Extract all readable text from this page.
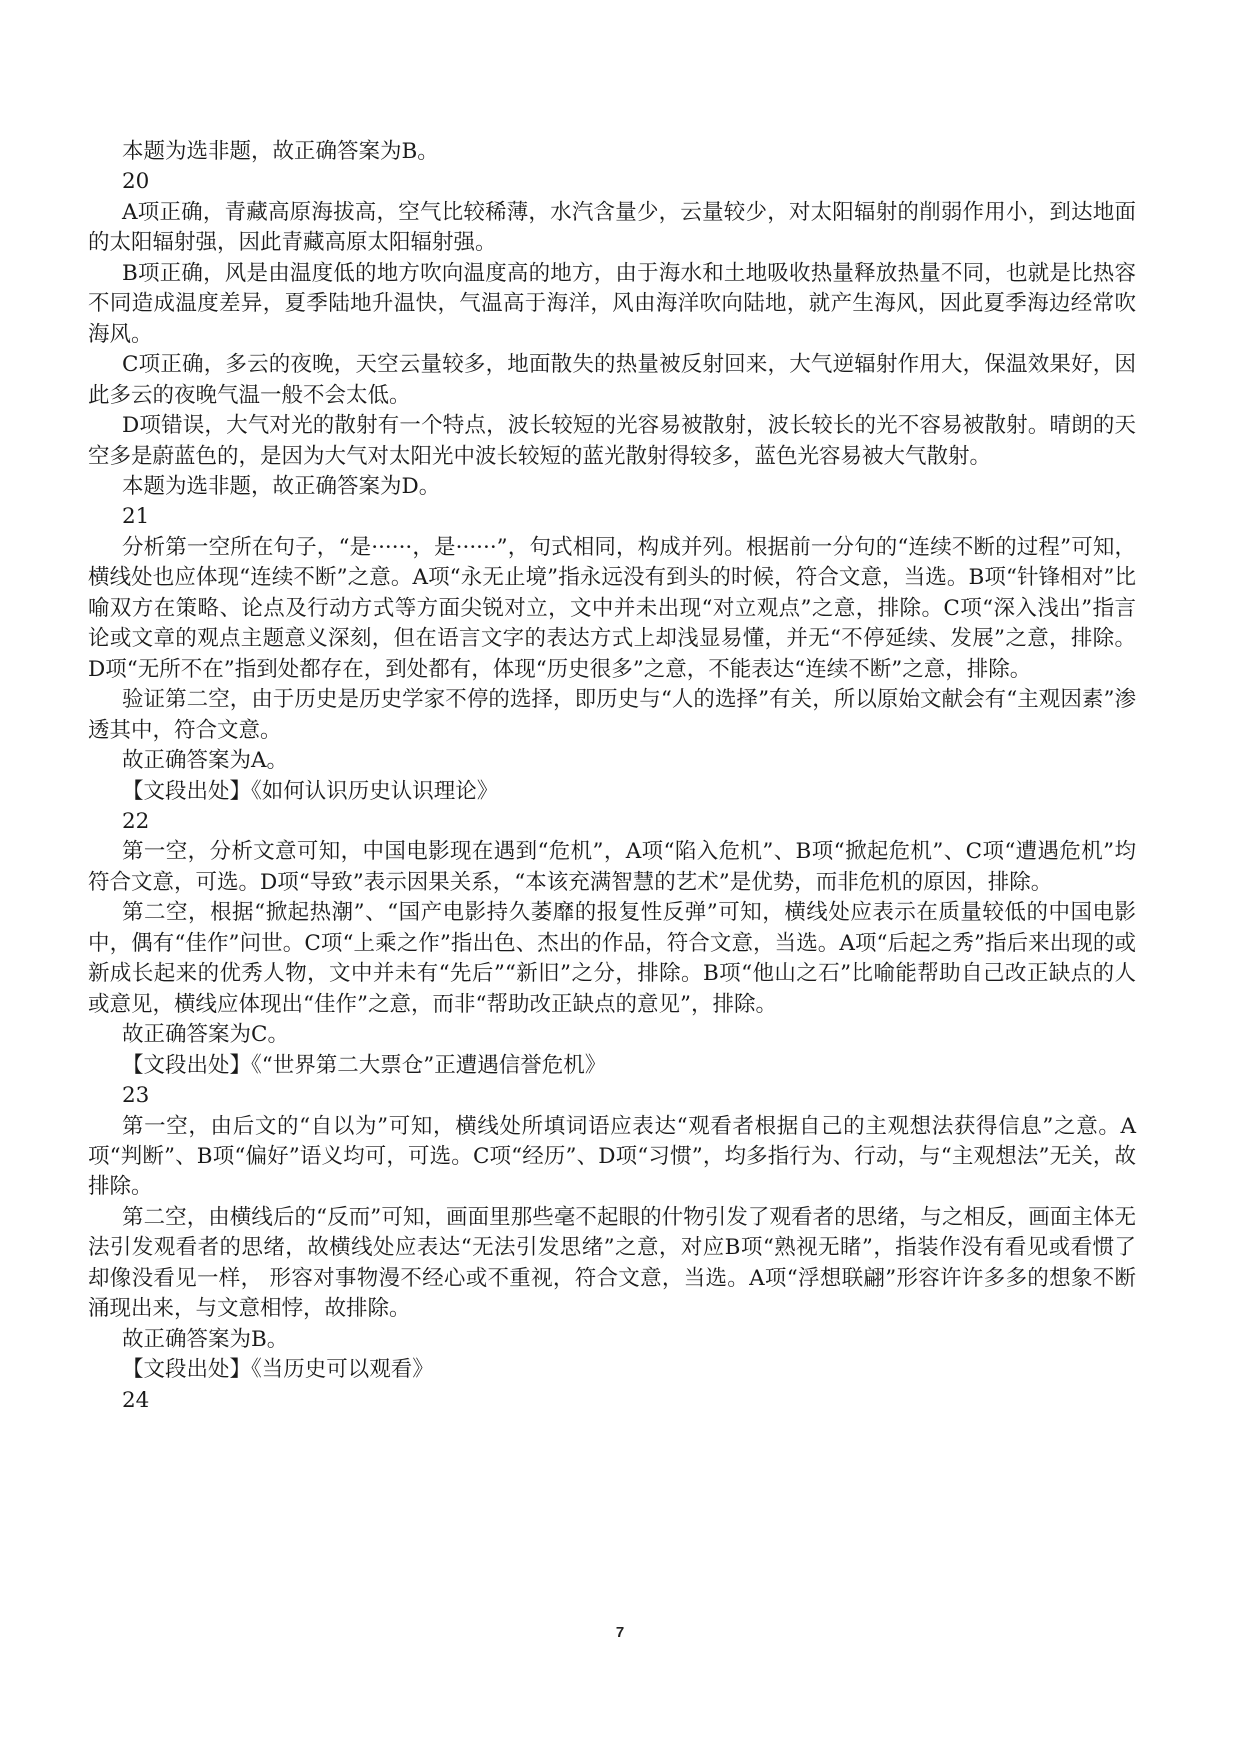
本题为选非题，故正确答案为B。

20

A项正确，青藏高原海拔高，空气比较稀薄，水汽含量少，云量较少，对太阳辐射的削弱作用小，到达地面的太阳辐射强，因此青藏高原太阳辐射强。

B项正确，风是由温度低的地方吹向温度高的地方，由于海水和土地吸收热量释放热量不同，也就是比热容不同造成温度差异，夏季陆地升温快，气温高于海洋，风由海洋吹向陆地，就产生海风，因此夏季海边经常吹海风。

C项正确，多云的夜晚，天空云量较多，地面散失的热量被反射回来，大气逆辐射作用大，保温效果好，因此多云的夜晚气温一般不会太低。

D项错误，大气对光的散射有一个特点，波长较短的光容易被散射，波长较长的光不容易被散射。晴朗的天空多是蔚蓝色的，是因为大气对太阳光中波长较短的蓝光散射得较多，蓝色光容易被大气散射。

本题为选非题，故正确答案为D。

21

分析第一空所在句子，“是······，是······”，句式相同，构成并列。根据前一分句的“连续不断的过程”可知，横线处也应体现“连续不断”之意。A项“永无止境”指永远没有到头的时候，符合文意，当选。B项“针锋相对”比喻双方在策略、论点及行动方式等方面尖锐对立，文中并未出现“对立观点”之意，排除。C项“深入浅出”指言论或文章的观点主题意义深刻，但在语言文字的表达方式上却浅显易懂，并无“不停延续、发展”之意，排除。D项“无所不在”指到处都存在，到处都有，体现“历史很多”之意，不能表达“连续不断”之意，排除。

验证第二空，由于历史是历史学家不停的选择，即历史与“人的选择”有关，所以原始文献会有“主观因素”渗透其中，符合文意。

故正确答案为A。

【文段出处】《如何认识历史认识理论》

22

第一空，分析文意可知，中国电影现在遇到“危机”，A项“陷入危机”、B项“掀起危机”、C项“遭遇危机”均符合文意，可选。D项“导致”表示因果关系，“本该充满智慧的艺术”是优势，而非危机的原因，排除。

第二空，根据“掀起热潮”、“国产电影持久萎靡的报复性反弹”可知，横线处应表示在质量较低的中国电影中，偶有“佳作”问世。C项“上乘之作”指出色、杰出的作品，符合文意，当选。A项“后起之秀”指后来出现的或新成长起来的优秀人物，文中并未有“先后”“新旧”之分，排除。B项“他山之石”比喻能帮助自己改正缺点的人或意见，横线应体现出“佳作”之意，而非“帮助改正缺点的意见”，排除。

故正确答案为C。

【文段出处】《“世界第二大票仓”正遭遇信誉危机》

23

第一空，由后文的“自以为”可知，横线处所填词语应表达“观看者根据自己的主观想法获得信息”之意。A项“判断”、B项“偏好”语义均可，可选。C项“经历”、D项“习惯”，均多指行为、行动，与“主观想法”无关，故排除。

第二空，由横线后的“反而”可知，画面里那些毫不起眼的什物引发了观看者的思绪，与之相反，画面主体无法引发观看者的思绪，故横线处应表达“无法引发思绪”之意，对应B项“熟视无睹”，指装作没有看见或看惯了却像没看见一样， 形容对事物漫不经心或不重视，符合文意，当选。A项“浮想联翩”形容许许多多的想象不断涌现出来，与文意相悖，故排除。

故正确答案为B。

【文段出处】《当历史可以观看》

24

7
